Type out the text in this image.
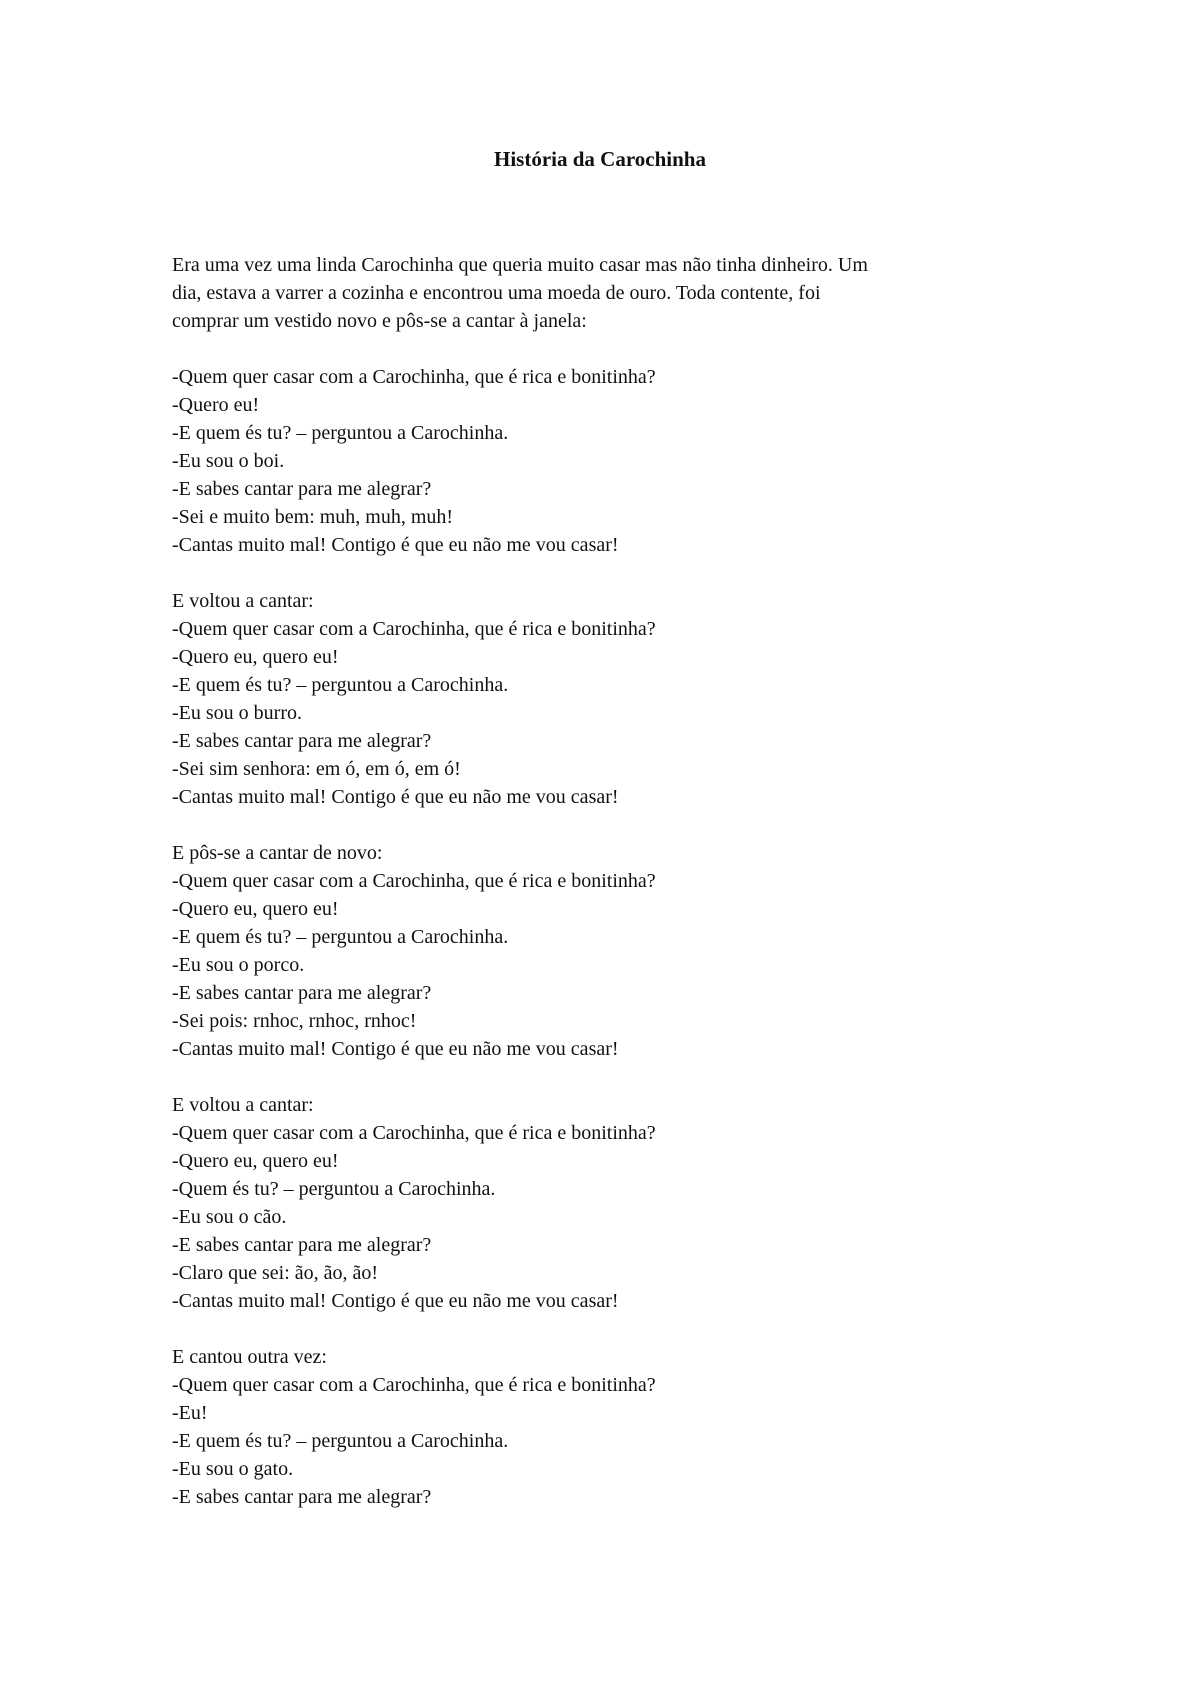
História da Carochinha
Era uma vez uma linda Carochinha que queria muito casar mas não tinha dinheiro. Um
dia, estava a varrer a cozinha e encontrou uma moeda de ouro. Toda contente, foi
comprar um vestido novo e pôs-se a cantar à janela:
-Quem quer casar com a Carochinha, que é rica e bonitinha?
-Quero eu!
-E quem és tu? – perguntou a Carochinha.
-Eu sou o boi.
-E sabes cantar para me alegrar?
-Sei e muito bem: muh, muh, muh!
-Cantas muito mal! Contigo é que eu não me vou casar!
E voltou a cantar:
-Quem quer casar com a Carochinha, que é rica e bonitinha?
-Quero eu, quero eu!
-E quem és tu? – perguntou a Carochinha.
-Eu sou o burro.
-E sabes cantar para me alegrar?
-Sei sim senhora: em ó, em ó, em ó!
-Cantas muito mal! Contigo é que eu não me vou casar!
E pôs-se a cantar de novo:
-Quem quer casar com a Carochinha, que é rica e bonitinha?
-Quero eu, quero eu!
-E quem és tu? – perguntou a Carochinha.
-Eu sou o porco.
-E sabes cantar para me alegrar?
-Sei pois: rnhoc, rnhoc, rnhoc!
-Cantas muito mal! Contigo é que eu não me vou casar!
E voltou a cantar:
-Quem quer casar com a Carochinha, que é rica e bonitinha?
-Quero eu, quero eu!
-Quem és tu? – perguntou a Carochinha.
-Eu sou o cão.
-E sabes cantar para me alegrar?
-Claro que sei: ão, ão, ão!
-Cantas muito mal! Contigo é que eu não me vou casar!
E cantou outra vez:
-Quem quer casar com a Carochinha, que é rica e bonitinha?
-Eu!
-E quem és tu? – perguntou a Carochinha.
-Eu sou o gato.
-E sabes cantar para me alegrar?
